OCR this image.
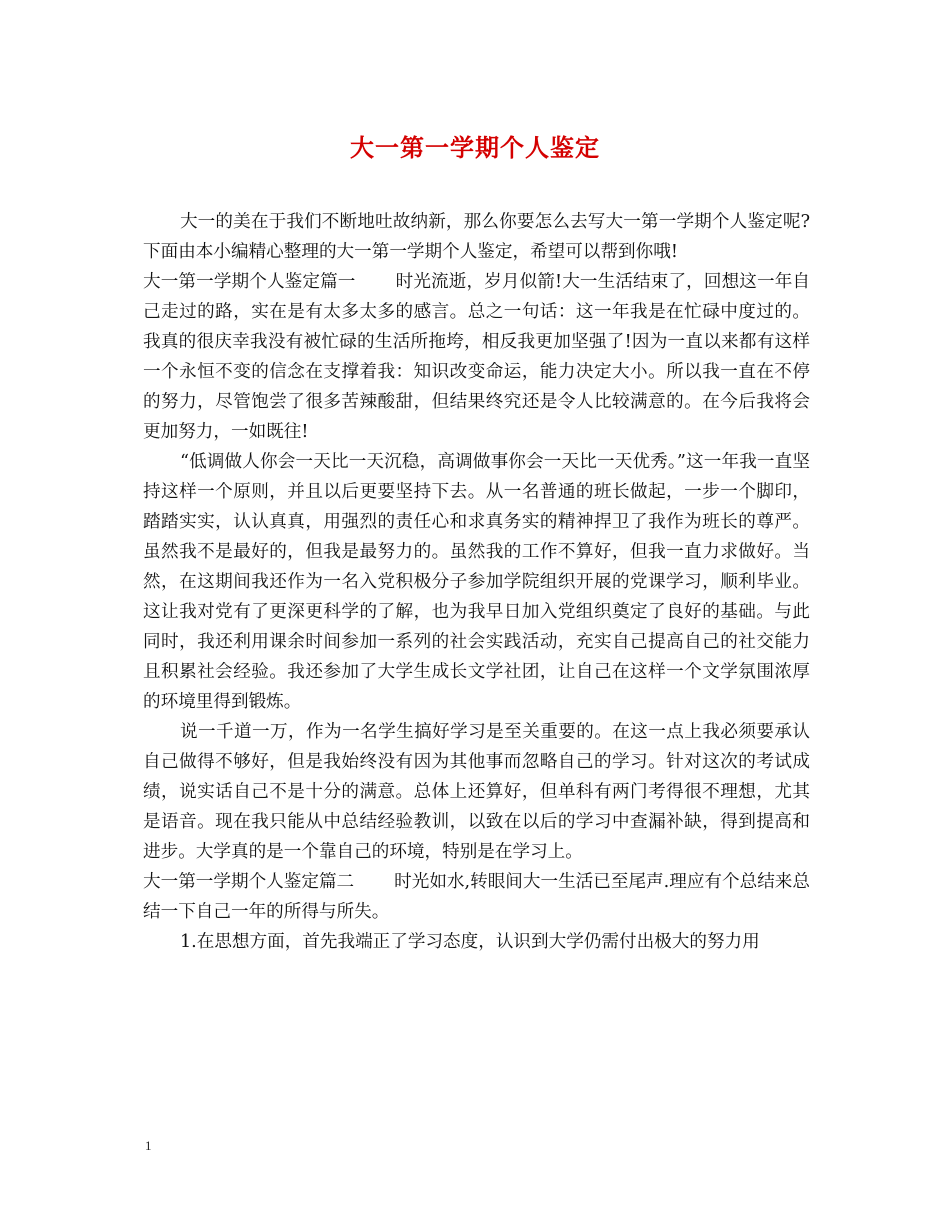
大一第一学期个人鉴定

大一的美在于我们不断地吐故纳新，那么你要怎么去写大一第一学期个人鉴定呢?下面由本小编精心整理的大一第一学期个人鉴定，希望可以帮到你哦!

大一第一学期个人鉴定篇一 时光流逝，岁月似箭!大一生活结束了，回想这一年自己走过的路，实在是有太多太多的感言。总之一句话：这一年我是在忙碌中度过的。我真的很庆幸我没有被忙碌的生活所拖垮，相反我更加坚强了!因为一直以来都有这样一个永恒不变的信念在支撑着我：知识改变命运，能力决定大小。所以我一直在不停的努力，尽管饱尝了很多苦辣酸甜，但结果终究还是令人比较满意的。在今后我将会更加努力，一如既往!

“低调做人你会一天比一天沉稳，高调做事你会一天比一天优秀。”这一年我一直坚持这样一个原则，并且以后更要坚持下去。从一名普通的班长做起，一步一个脚印，踏踏实实，认认真真，用强烈的责任心和求真务实的精神捍卫了我作为班长的尊严。虽然我不是最好的，但我是最努力的。虽然我的工作不算好，但我一直力求做好。当然，在这期间我还作为一名入党积极分子参加学院组织开展的党课学习，顺利毕业。这让我对党有了更深更科学的了解，也为我早日加入党组织奠定了良好的基础。与此同时，我还利用课余时间参加一系列的社会实践活动，充实自己提高自己的社交能力且积累社会经验。我还参加了大学生成长文学社团，让自己在这样一个文学氛围浓厚的环境里得到锻炼。

说一千道一万，作为一名学生搞好学习是至关重要的。在这一点上我必须要承认自己做得不够好，但是我始终没有因为其他事而忽略自己的学习。针对这次的考试成绩，说实话自己不是十分的满意。总体上还算好，但单科有两门考得很不理想，尤其是语音。现在我只能从中总结经验教训，以致在以后的学习中查漏补缺，得到提高和进步。大学真的是一个靠自己的环境，特别是在学习上。

大一第一学期个人鉴定篇二 时光如水,转眼间大一生活已至尾声.理应有个总结来总结一下自己一年的所得与所失。

1.在思想方面，首先我端正了学习态度，认识到大学仍需付出极大的努力用

1
